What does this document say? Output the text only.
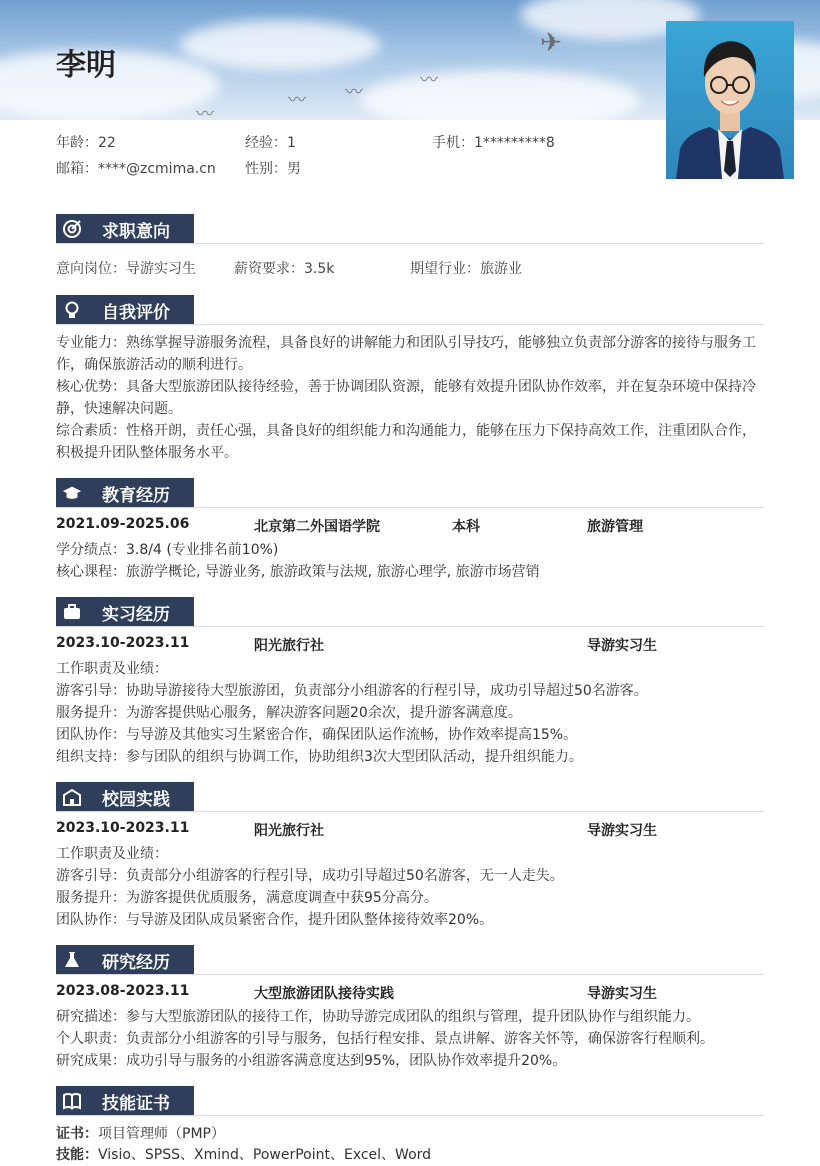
✈
〰
〰
〰
〰
李明
年龄：22	经验：1	手机：1*********8
邮箱：****@zcmima.cn 性别：男
求职意向
意向岗位：导游实习生	薪资要求：3.5k	期望行业：旅游业
自我评价
专业能力：熟练掌握导游服务流程，具备良好的讲解能力和团队引导技巧，能够独立负责部分游客的接待与服务工作，确保旅游活动的顺利进行。
核心优势：具备大型旅游团队接待经验，善于协调团队资源，能够有效提升团队协作效率，并在复杂环境中保持冷静，快速解决问题。
综合素质：性格开朗，责任心强，具备良好的组织能力和沟通能力，能够在压力下保持高效工作，注重团队合作，积极提升团队整体服务水平。
教育经历
2021.09-2025.06	北京第二外国语学院	本科	旅游管理
学分绩点：3.8/4 (专业排名前10%)
核心课程：旅游学概论, 导游业务, 旅游政策与法规, 旅游心理学, 旅游市场营销
实习经历
2023.10-2023.11	阳光旅行社	导游实习生
工作职责及业绩：
游客引导：协助导游接待大型旅游团，负责部分小组游客的行程引导，成功引导超过50名游客。
服务提升：为游客提供贴心服务，解决游客问题20余次，提升游客满意度。
团队协作：与导游及其他实习生紧密合作，确保团队运作流畅，协作效率提高15%。
组织支持：参与团队的组织与协调工作，协助组织3次大型团队活动，提升组织能力。
校园实践
2023.10-2023.11	阳光旅行社	导游实习生
工作职责及业绩：
游客引导：负责部分小组游客的行程引导，成功引导超过50名游客，无一人走失。
服务提升：为游客提供优质服务，满意度调查中获95分高分。
团队协作：与导游及团队成员紧密合作，提升团队整体接待效率20%。
研究经历
2023.08-2023.11	大型旅游团队接待实践	导游实习生
研究描述：参与大型旅游团队的接待工作，协助导游完成团队的组织与管理，提升团队协作与组织能力。
个人职责：负责部分小组游客的引导与服务，包括行程安排、景点讲解、游客关怀等，确保游客行程顺利。
研究成果：成功引导与服务的小组游客满意度达到95%，团队协作效率提升20%。
技能证书
证书：项目管理师（PMP）
技能：Visio、SPSS、Xmind、PowerPoint、Excel、Word
